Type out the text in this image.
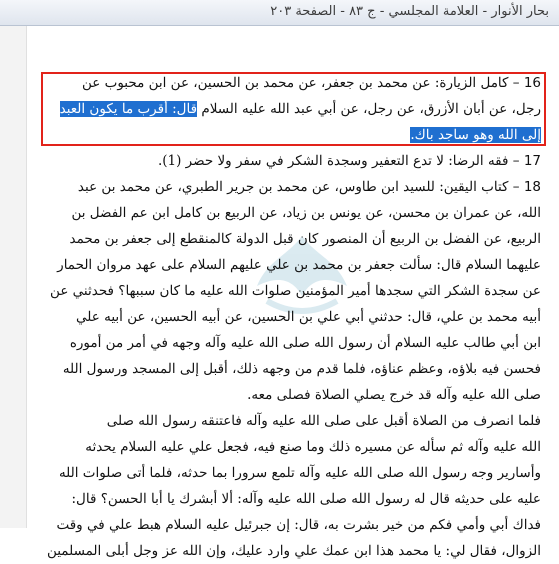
بحار الأنوار - العلامة المجلسي - ج ٨٣ - الصفحة ٢٠٣

16 – كامل الزيارة: عن محمد بن جعفر، عن محمد بن الحسين، عن ابن محبوب عن

رجل، عن أبان الأزرق، عن رجل، عن أبي عبد الله عليه السلام قال: أقرب ما يكون العبد

إلى الله وهو ساجد باك.

17 – فقه الرضا: لا تدع التعفير وسجدة الشكر في سفر ولا حضر (1).

18 – كتاب اليقين: للسيد ابن طاوس، عن محمد بن جرير الطبري، عن محمد بن عبد

الله، عن عمران بن محسن، عن يونس بن زياد، عن الربيع بن كامل ابن عم الفضل بن

الربيع، عن الفضل بن الربيع أن المنصور كان قبل الدولة كالمنقطع إلى جعفر بن محمد

عليهما السلام قال: سألت جعفر بن محمد بن علي عليهم السلام على عهد مروان الحمار

عن سجدة الشكر التي سجدها أمير المؤمنين صلوات الله عليه ما كان سببها؟ فحدثني عن

أبيه محمد بن علي، قال: حدثني أبي علي بن الحسين، عن أبيه الحسين، عن أبيه علي

ابن أبي طالب عليه السلام أن رسول الله صلى الله عليه وآله وجهه في أمر من أموره

فحسن فيه بلاؤه، وعظم عناؤه، فلما قدم من وجهه ذلك، أقبل إلى المسجد ورسول الله

صلى الله عليه وآله قد خرج يصلي الصلاة فصلى معه.

فلما انصرف من الصلاة أقبل على صلى الله عليه وآله فاعتنقه رسول الله صلى

الله عليه وآله ثم سأله عن مسيره ذلك وما صنع فيه، فجعل علي عليه السلام يحدثه

وأسارير وجه رسول الله صلى الله عليه وآله تلمع سرورا بما حدثه، فلما أتى صلوات الله

عليه على حديثه قال له رسول الله صلى الله عليه وآله: ألا أبشرك يا أبا الحسن؟ قال:

فداك أبي وأمي فكم من خير بشرت به، قال: إن جبرئيل عليه السلام هبط علي في وقت

الزوال، فقال لي: يا محمد هذا ابن عمك علي وارد عليك، وإن الله عز وجل أبلى المسلمين
